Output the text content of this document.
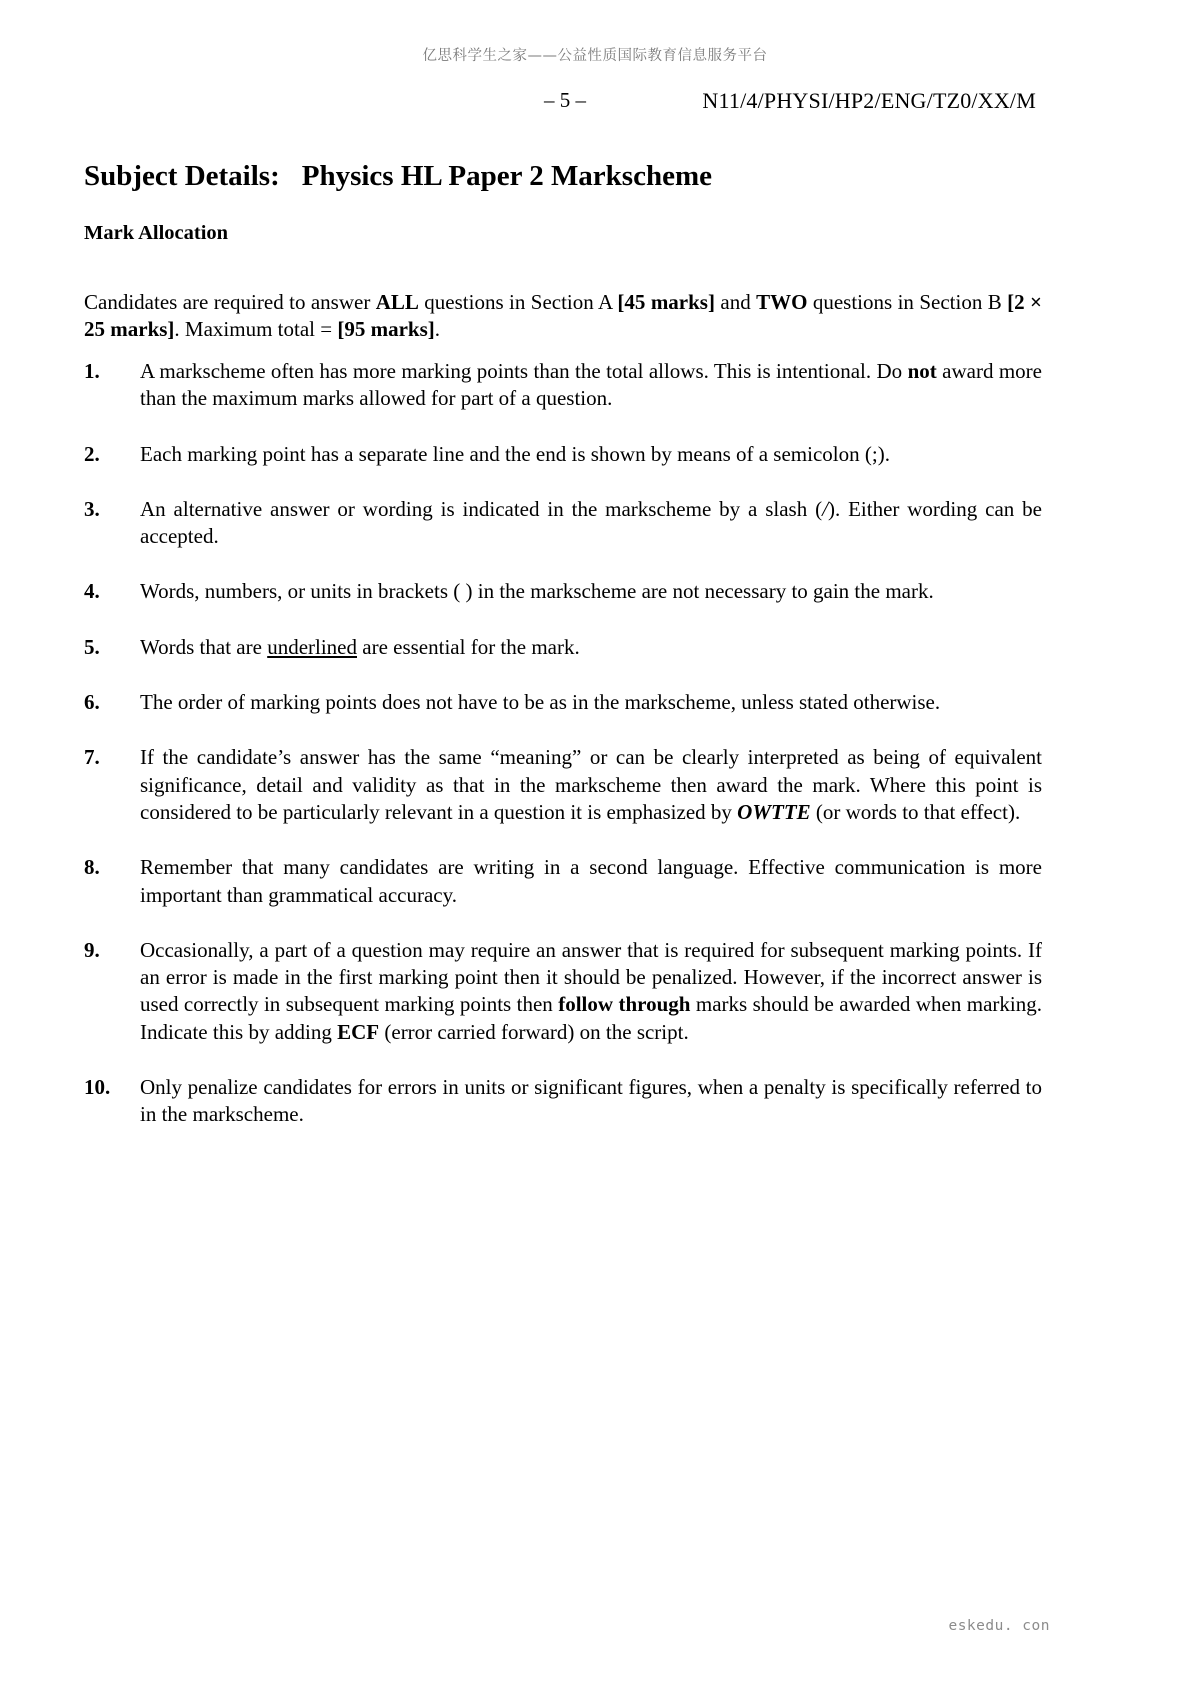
亿思科学生之家——公益性质国际教育信息服务平台
– 5 –	N11/4/PHYSI/HP2/ENG/TZ0/XX/M
Subject Details: Physics HL Paper 2 Markscheme
Mark Allocation

Candidates are required to answer ALL questions in Section A [45 marks] and TWO questions in Section B [2 × 25 marks]. Maximum total = [95 marks].

1.	A markscheme often has more marking points than the total allows. This is intentional. Do not award more than the maximum marks allowed for part of a question.
2.	Each marking point has a separate line and the end is shown by means of a semicolon (;).
3.	An alternative answer or wording is indicated in the markscheme by a slash (/). Either wording can be accepted.
4.	Words, numbers, or units in brackets ( ) in the markscheme are not necessary to gain the mark.
5.	Words that are underlined are essential for the mark.
6.	The order of marking points does not have to be as in the markscheme, unless stated otherwise.
7.	If the candidate’s answer has the same “meaning” or can be clearly interpreted as being of equivalent significance, detail and validity as that in the markscheme then award the mark. Where this point is considered to be particularly relevant in a question it is emphasized by OWTTE (or words to that effect).
8.	Remember that many candidates are writing in a second language. Effective communication is more important than grammatical accuracy.
9.	Occasionally, a part of a question may require an answer that is required for subsequent marking points. If an error is made in the first marking point then it should be penalized. However, if the incorrect answer is used correctly in subsequent marking points then follow through marks should be awarded when marking. Indicate this by adding ECF (error carried forward) on the script.
10.	Only penalize candidates for errors in units or significant figures, when a penalty is specifically referred to in the markscheme.
eskedu. con
